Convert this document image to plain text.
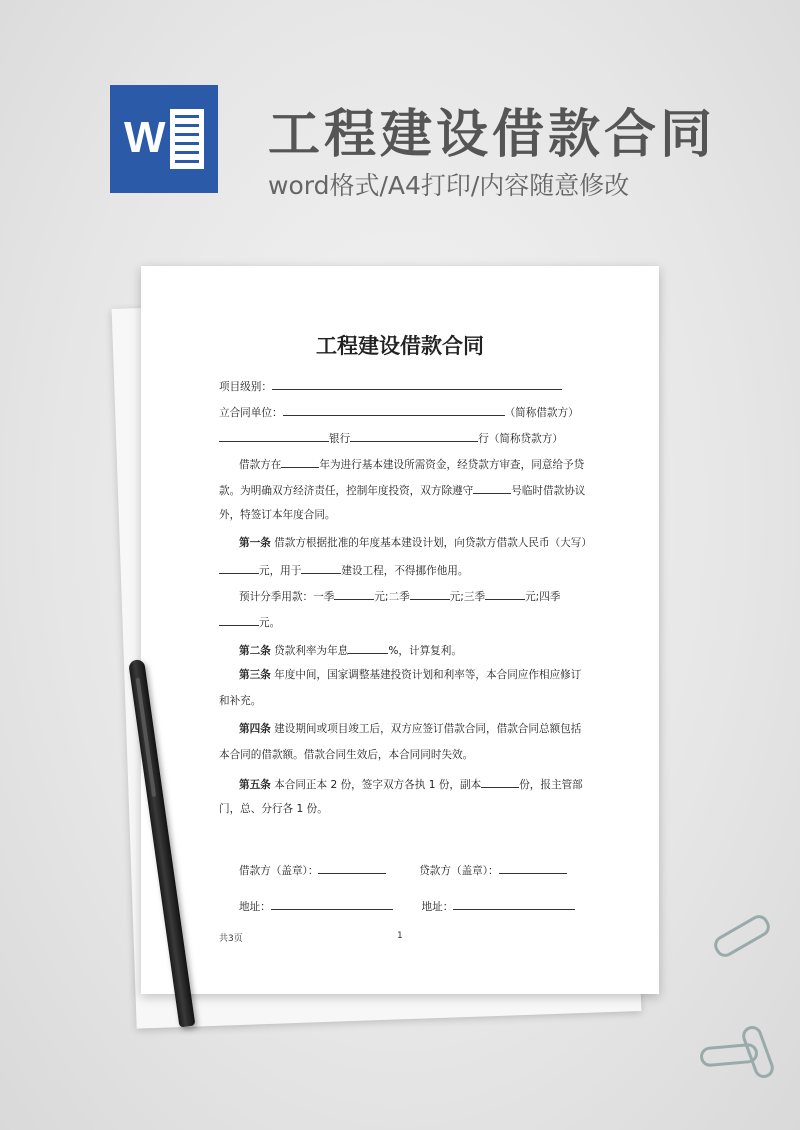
W 工程建设借款合同
word格式/A4打印/内容随意修改
工程建设借款合同
项目级别：
立合同单位：	（简称借款方）
银行	行（简称贷款方）
借款方在	年为进行基本建设所需资金，经贷款方审查，同意给予贷
款。为明确双方经济责任，控制年度投资，双方除遵守	号临时借款协议
外，特签订本年度合同。
第一条 借款方根据批准的年度基本建设计划，向贷款方借款人民币（大写）
元，用于	建设工程，不得挪作他用。
预计分季用款：一季	元;二季	元;三季	元;四季
元。
第二条 贷款利率为年息	%，计算复利。
第三条 年度中间，国家调整基建投资计划和利率等，本合同应作相应修订
和补充。
第四条 建设期间或项目竣工后，双方应签订借款合同，借款合同总额包括
本合同的借款额。借款合同生效后，本合同同时失效。
第五条 本合同正本 2 份，签字双方各执 1 份，副本	份，报主管部
门，总、分行各 1 份。
借款方（盖章）：	贷款方（盖章）：
地址：	地址：
共3页	1
